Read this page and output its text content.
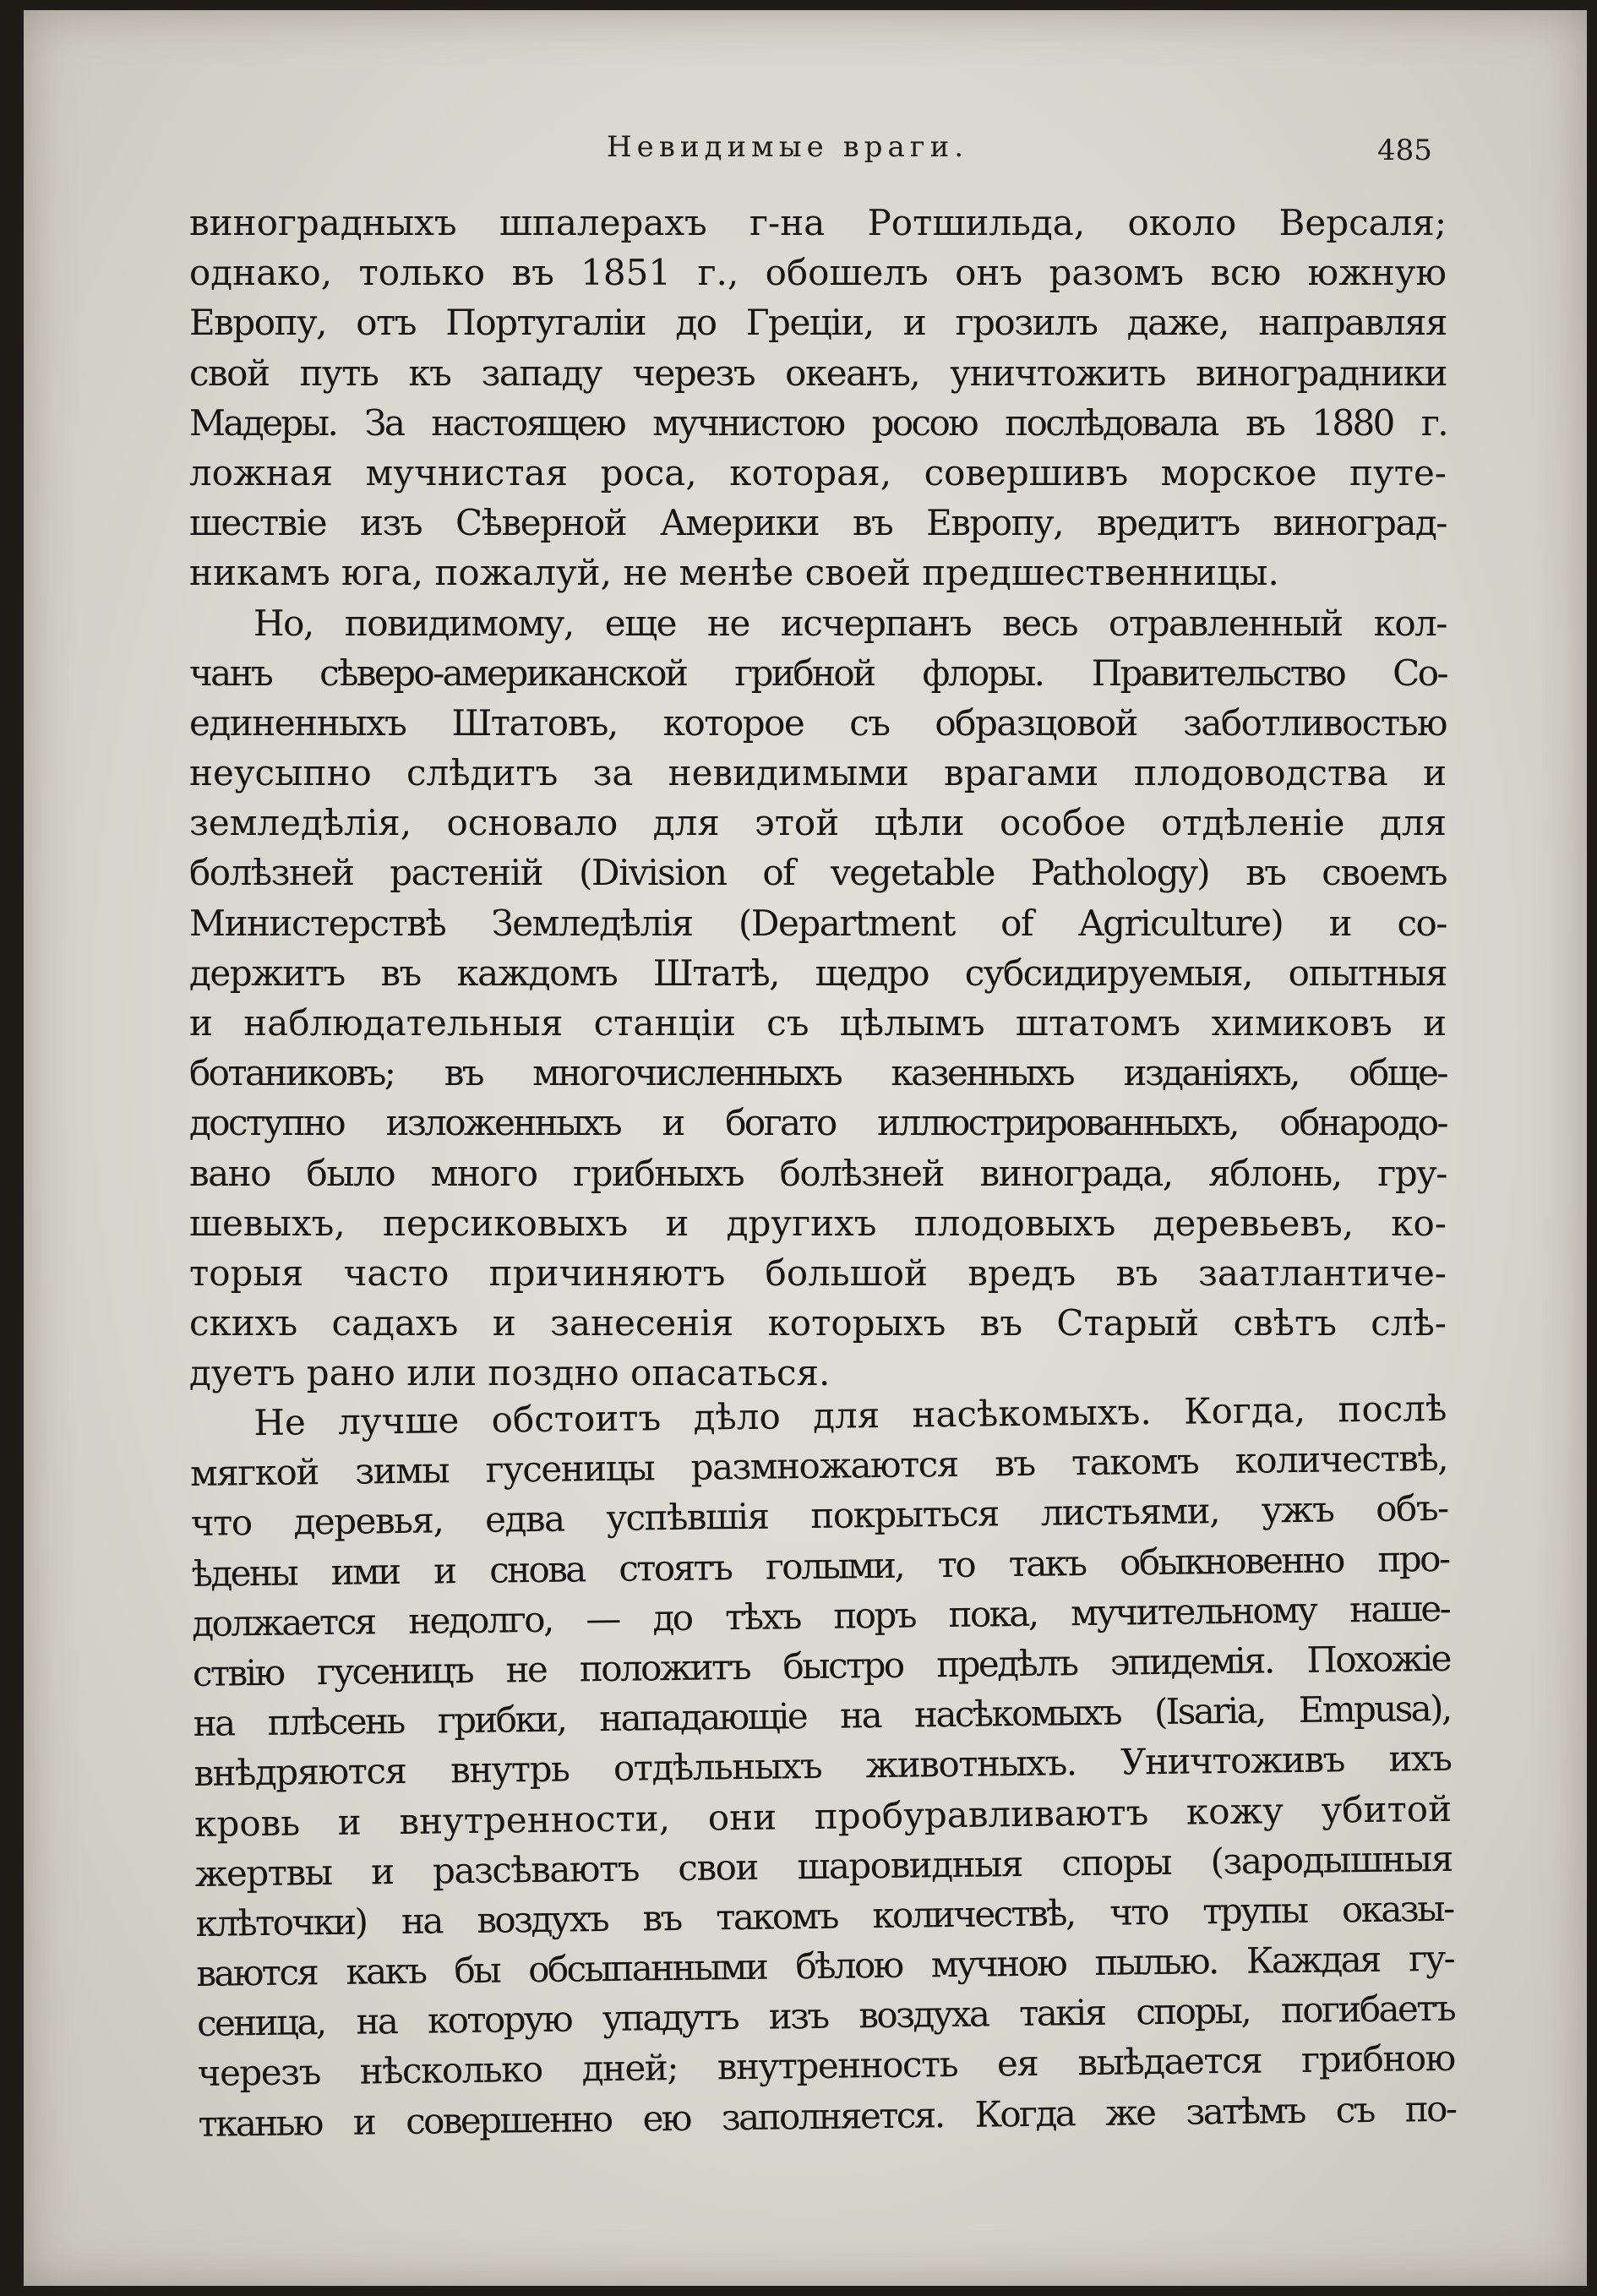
Невидимые враги.	485
виноградныхъ шпалерахъ г-на Ротшильда, около Версаля;
однако, только въ 1851 г., обошелъ онъ разомъ всю южную
Европу, отъ Португаліи до Греціи, и грозилъ даже, направляя
свой путь къ западу черезъ океанъ, уничтожить виноградники
Мадеры. За настоящею мучнистою росою послѣдовала въ 1880 г.
ложная мучнистая роса, которая, совершивъ морское путе-
шествіе изъ Сѣверной Америки въ Европу, вредитъ виноград-
никамъ юга, пожалуй, не менѣе своей предшественницы.
Но, повидимому, еще не исчерпанъ весь отравленный кол-
чанъ сѣверо-американской грибной флоры. Правительство Со-
единенныхъ Штатовъ, которое съ образцовой заботливостью
неусыпно слѣдитъ за невидимыми врагами плодоводства и
земледѣлія, основало для этой цѣли особое отдѣленіе для
болѣзней растеній (Division of vegetable Pathology) въ своемъ
Министерствѣ Земледѣлія (Department of Agriculture) и со-
держитъ въ каждомъ Штатѣ, щедро субсидируемыя, опытныя
и наблюдательныя станціи съ цѣлымъ штатомъ химиковъ и
ботаниковъ; въ многочисленныхъ казенныхъ изданіяхъ, обще-
доступно изложенныхъ и богато иллюстрированныхъ, обнародо-
вано было много грибныхъ болѣзней винограда, яблонь, гру-
шевыхъ, персиковыхъ и другихъ плодовыхъ деревьевъ, ко-
торыя часто причиняютъ большой вредъ въ заатлантиче-
скихъ садахъ и занесенія которыхъ въ Старый свѣтъ слѣ-
дуетъ рано или поздно опасаться.
Не лучше обстоитъ дѣло для насѣкомыхъ. Когда, послѣ
мягкой зимы гусеницы размножаются въ такомъ количествѣ,
что деревья, едва успѣвшія покрыться листьями, ужъ объ-
ѣдены ими и снова стоятъ голыми, то такъ обыкновенно про-
должается недолго, — до тѣхъ поръ пока, мучительному наше-
ствію гусеницъ не положитъ быстро предѣлъ эпидемія. Похожіе
на плѣсень грибки, нападающіе на насѣкомыхъ (Isaria, Empusa),
внѣдряются внутрь отдѣльныхъ животныхъ. Уничтоживъ ихъ
кровь и внутренности, они пробуравливаютъ кожу убитой
жертвы и разсѣваютъ свои шаровидныя споры (зародышныя
клѣточки) на воздухъ въ такомъ количествѣ, что трупы оказы-
ваются какъ бы обсыпанными бѣлою мучною пылью. Каждая гу-
сеница, на которую упадутъ изъ воздуха такія споры, погибаетъ
черезъ нѣсколько дней; внутренность ея выѣдается грибною
тканью и совершенно ею заполняется. Когда же затѣмъ съ по-
